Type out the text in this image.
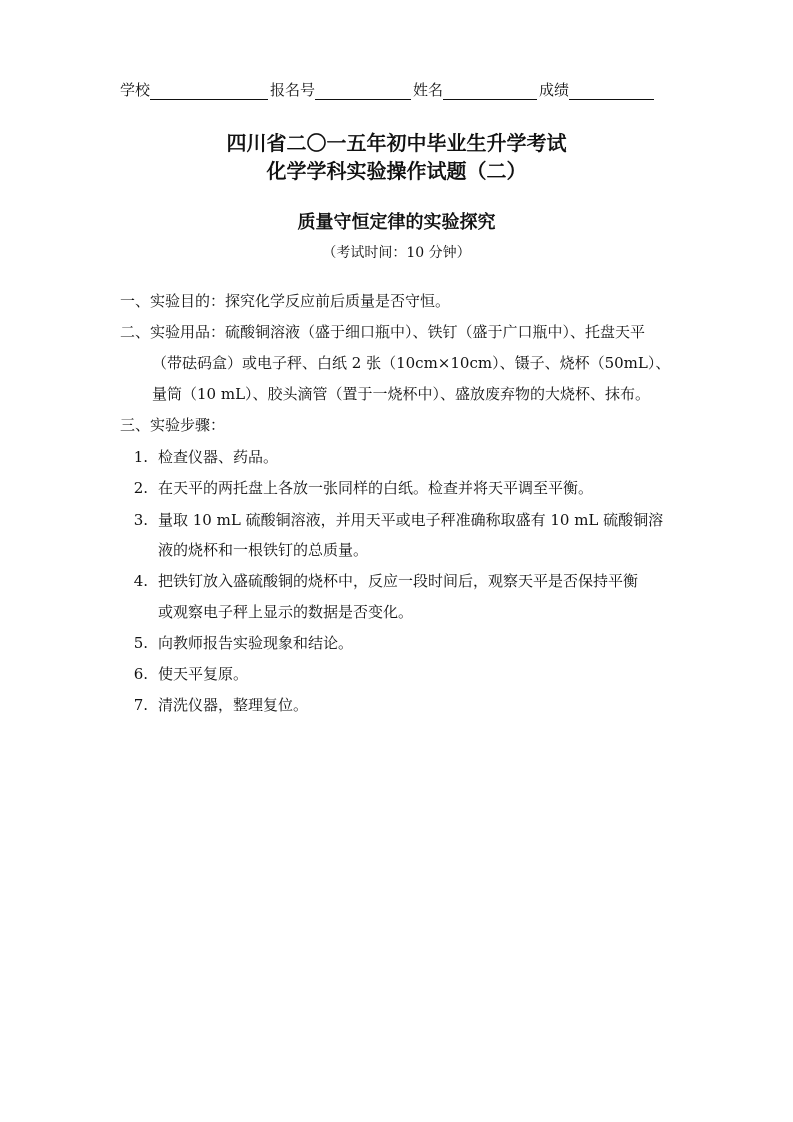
学校	报名号	姓名	成绩
四川省二〇一五年初中毕业生升学考试
化学学科实验操作试题（二）
质量守恒定律的实验探究
（考试时间：10 分钟）
一、实验目的：探究化学反应前后质量是否守恒。
二、实验用品：硫酸铜溶液（盛于细口瓶中）、铁钉（盛于广口瓶中）、托盘天平
（带砝码盒）或电子秤、白纸 2 张（10cm×10cm）、镊子、烧杯（50mL）、
量筒（10 mL）、胶头滴管（置于一烧杯中）、盛放废弃物的大烧杯、抹布。
三、实验步骤：
1. 检查仪器、药品。
2. 在天平的两托盘上各放一张同样的白纸。检查并将天平调至平衡。
3. 量取 10 mL 硫酸铜溶液，并用天平或电子秤准确称取盛有 10 mL 硫酸铜溶
液的烧杯和一根铁钉的总质量。
4. 把铁钉放入盛硫酸铜的烧杯中，反应一段时间后，观察天平是否保持平衡
或观察电子秤上显示的数据是否变化。
5. 向教师报告实验现象和结论。
6. 使天平复原。
7. 清洗仪器，整理复位。
